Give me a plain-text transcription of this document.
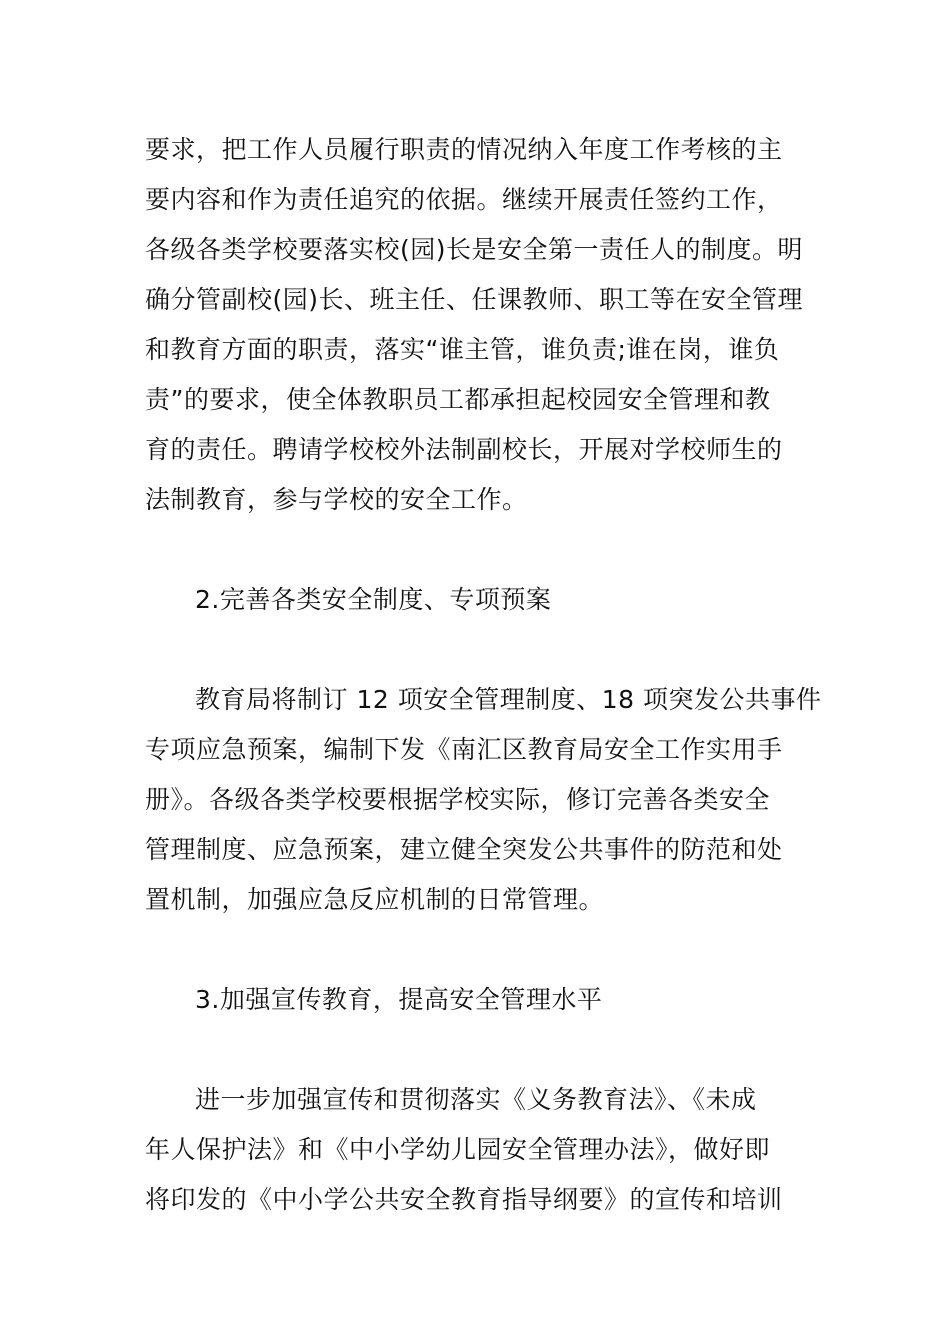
要求，把工作人员履行职责的情况纳入年度工作考核的主
要内容和作为责任追究的依据。继续开展责任签约工作，
各级各类学校要落实校(园)长是安全第一责任人的制度。明
确分管副校(园)长、班主任、任课教师、职工等在安全管理
和教育方面的职责，落实“谁主管，谁负责;谁在岗，谁负
责”的要求，使全体教职员工都承担起校园安全管理和教
育的责任。聘请学校校外法制副校长，开展对学校师生的
法制教育，参与学校的安全工作。
2.完善各类安全制度、专项预案
教育局将制订 12 项安全管理制度、18 项突发公共事件
专项应急预案，编制下发《南汇区教育局安全工作实用手
册》。各级各类学校要根据学校实际，修订完善各类安全
管理制度、应急预案，建立健全突发公共事件的防范和处
置机制，加强应急反应机制的日常管理。
3.加强宣传教育，提高安全管理水平
进一步加强宣传和贯彻落实《义务教育法》、《未成
年人保护法》和《中小学幼儿园安全管理办法》，做好即
将印发的《中小学公共安全教育指导纲要》的宣传和培训
